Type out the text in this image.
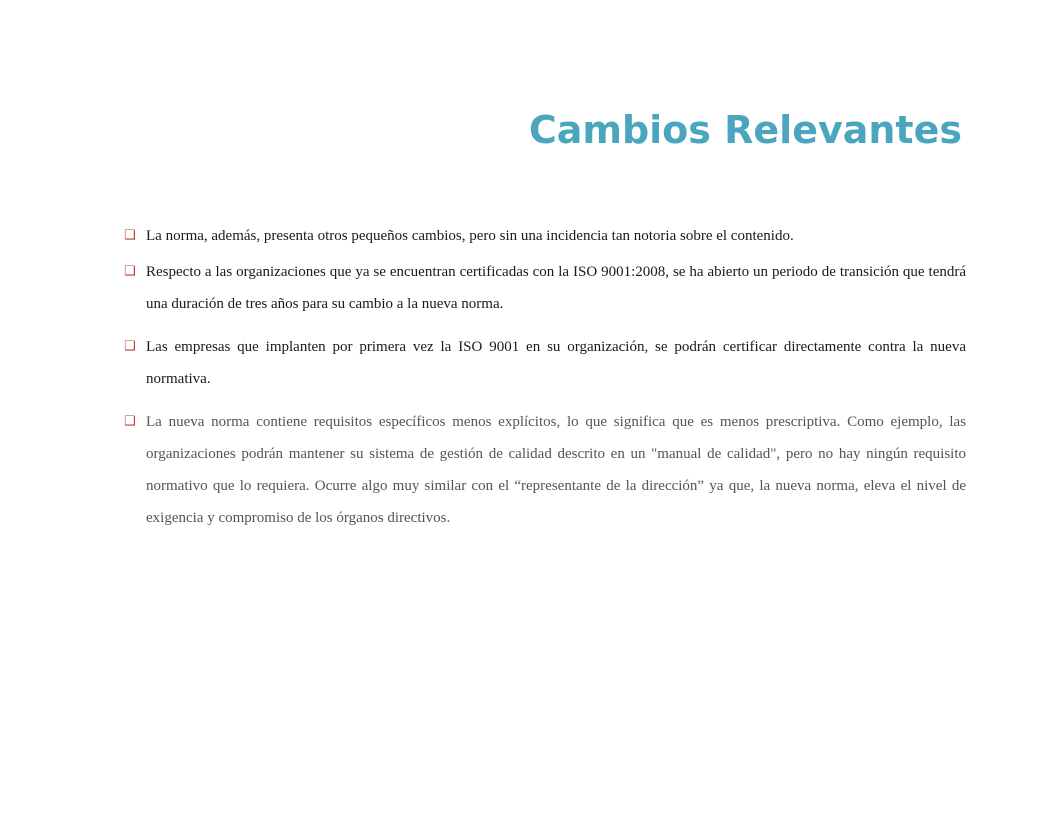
Cambios Relevantes

❑ La norma, además, presenta otros pequeños cambios, pero sin una incidencia tan notoria sobre el contenido.

❑ Respecto a las organizaciones que ya se encuentran certificadas con la ISO 9001:2008, se ha abierto un periodo de transición que tendrá una duración de tres años para su cambio a la nueva norma.

❑ Las empresas que implanten por primera vez la ISO 9001 en su organización, se podrán certificar directamente contra la nueva normativa.

❑ La nueva norma contiene requisitos específicos menos explícitos, lo que significa que es menos prescriptiva. Como ejemplo, las organizaciones podrán mantener su sistema de gestión de calidad descrito en un "manual de calidad", pero no hay ningún requisito normativo que lo requiera. Ocurre algo muy similar con el “representante de la dirección” ya que, la nueva norma, eleva el nivel de exigencia y compromiso de los órganos directivos.
